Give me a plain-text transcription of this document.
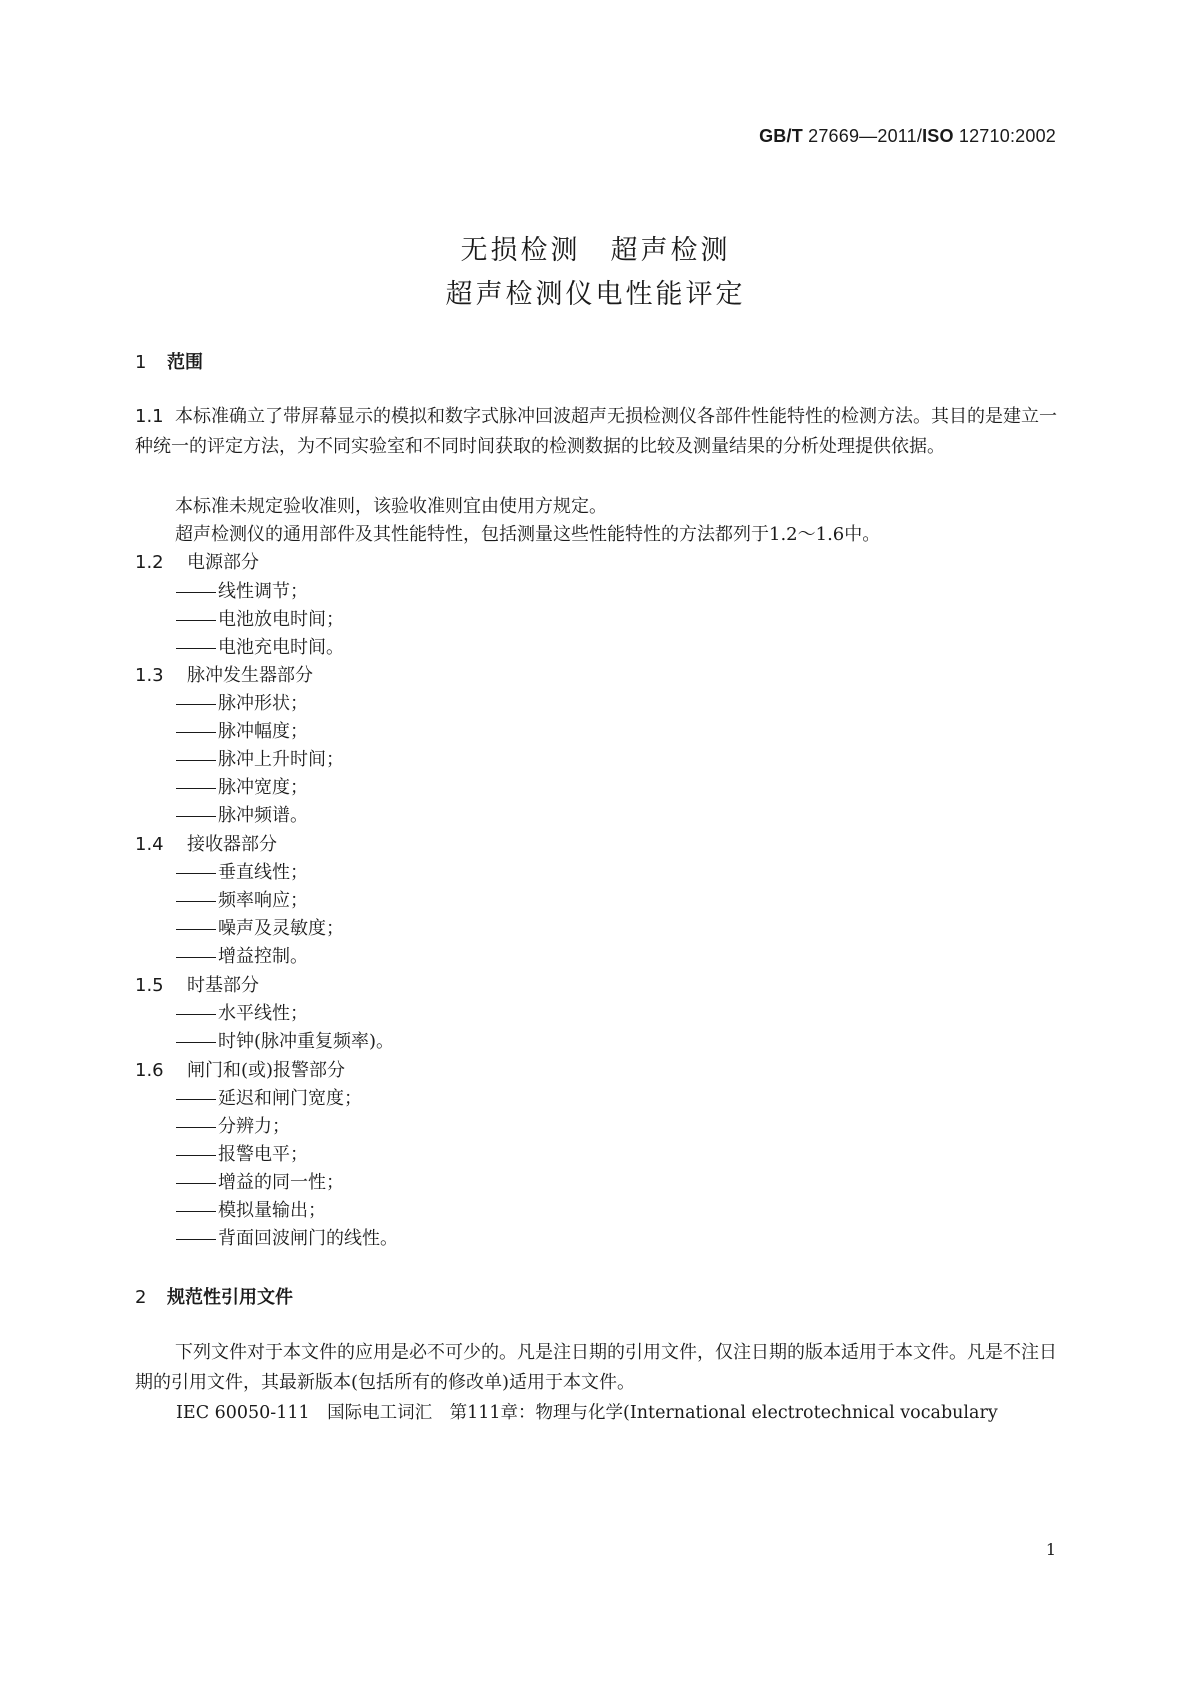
GB/T 27669—2011/ISO 12710:2002
无损检测　超声检测
超声检测仪电性能评定
1 范围
1.1 本标准确立了带屏幕显示的模拟和数字式脉冲回波超声无损检测仪各部件性能特性的检测方法。其目的是建立一种统一的评定方法，为不同实验室和不同时间获取的检测数据的比较及测量结果的分析处理提供依据。
本标准未规定验收准则，该验收准则宜由使用方规定。
超声检测仪的通用部件及其性能特性，包括测量这些性能特性的方法都列于1.2～1.6中。
1.2 电源部分
线性调节；
电池放电时间；
电池充电时间。
1.3 脉冲发生器部分
脉冲形状；
脉冲幅度；
脉冲上升时间；
脉冲宽度；
脉冲频谱。
1.4 接收器部分
垂直线性；
频率响应；
噪声及灵敏度；
增益控制。
1.5 时基部分
水平线性；
时钟(脉冲重复频率)。
1.6 闸门和(或)报警部分
延迟和闸门宽度；
分辨力；
报警电平；
增益的同一性；
模拟量输出；
背面回波闸门的线性。
2 规范性引用文件
下列文件对于本文件的应用是必不可少的。凡是注日期的引用文件，仅注日期的版本适用于本文件。凡是不注日期的引用文件，其最新版本(包括所有的修改单)适用于本文件。
IEC 60050-111　国际电工词汇　第111章：物理与化学(International electrotechnical vocabulary
1
